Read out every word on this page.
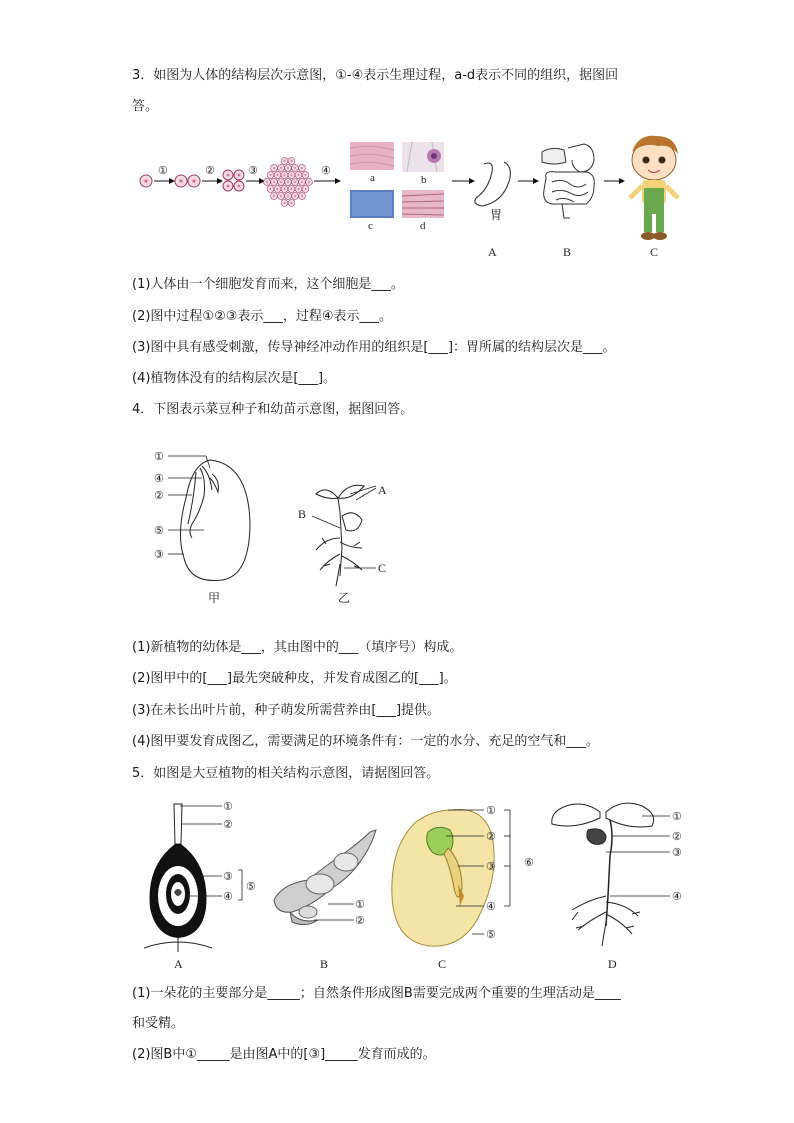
3．如图为人体的结构层次示意图，①-④表示生理过程，a-d表示不同的组织，据图回
答。
①	②	③	④
a	b
c	d
胃
A	B	C
(1)人体由一个细胞发育而来，这个细胞是___。
(2)图中过程①②③表示___，过程④表示___。
(3)图中具有感受刺激，传导神经冲动作用的组织是[___]：胃所属的结构层次是___。
(4)植物体没有的结构层次是[___]。
4．下图表示菜豆种子和幼苗示意图，据图回答。
①
④
②
⑤
③
甲
A
B
C
乙
(1)新植物的幼体是___，其由图中的___（填序号）构成。
(2)图甲中的[___]最先突破种皮，并发育成图乙的[___]。
(3)在未长出叶片前，种子萌发所需营养由[___]提供。
(4)图甲要发育成图乙，需要满足的环境条件有：一定的水分、充足的空气和___。
5．如图是大豆植物的相关结构示意图，请据图回答。
①
②
③
④
⑤
A
①
②
B
①
②
③
④
⑤
⑥
C
①
②
③
④
D
(1)一朵花的主要部分是_____；自然条件形成图B需要完成两个重要的生理活动是____
和受精。
(2)图B中①_____是由图A中的[③]_____发育而成的。
